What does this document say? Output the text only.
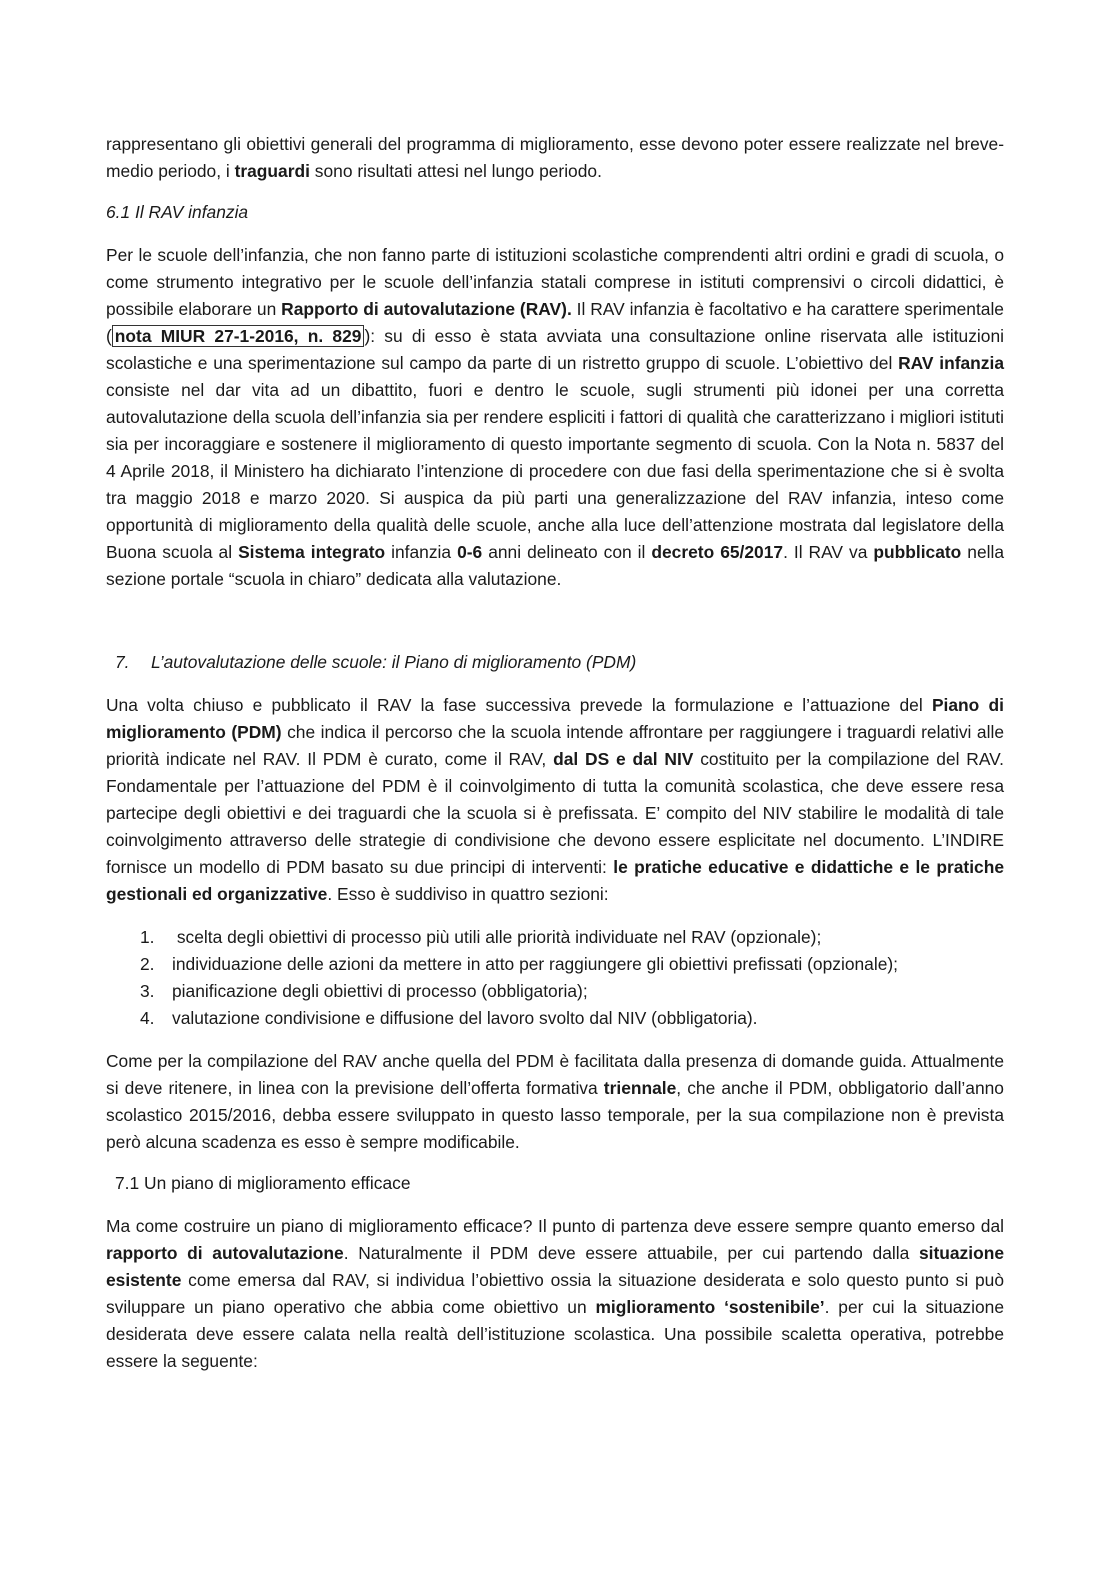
rappresentano gli obiettivi generali del programma di miglioramento, esse devono poter essere realizzate nel breve-medio periodo, i traguardi sono risultati attesi nel lungo periodo.

6.1 Il RAV infanzia

Per le scuole dell’infanzia, che non fanno parte di istituzioni scolastiche comprendenti altri ordini e gradi di scuola, o come strumento integrativo per le scuole dell’infanzia statali comprese in istituti comprensivi o circoli didattici, è possibile elaborare un Rapporto di autovalutazione (RAV). Il RAV infanzia è facoltativo e ha carattere sperimentale ( nota MIUR 27-1-2016, n. 829 ): su di esso è stata avviata una consultazione online riservata alle istituzioni scolastiche e una sperimentazione sul campo da parte di un ristretto gruppo di scuole. L’obiettivo del RAV infanzia consiste nel dar vita ad un dibattito, fuori e dentro le scuole, sugli strumenti più idonei per una corretta autovalutazione della scuola dell’infanzia sia per rendere espliciti i fattori di qualità che caratterizzano i migliori istituti sia per incoraggiare e sostenere il miglioramento di questo importante segmento di scuola. Con la Nota n. 5837 del 4 Aprile 2018, il Ministero ha dichiarato l’intenzione di procedere con due fasi della sperimentazione che si è svolta tra maggio 2018 e marzo 2020. Si auspica da più parti una generalizzazione del RAV infanzia, inteso come opportunità di miglioramento della qualità delle scuole, anche alla luce dell’attenzione mostrata dal legislatore della Buona scuola al Sistema integrato infanzia 0-6 anni delineato con il decreto 65/2017. Il RAV va pubblicato nella sezione portale “scuola in chiaro” dedicata alla valutazione.

7. L’autovalutazione delle scuole: il Piano di miglioramento (PDM)

Una volta chiuso e pubblicato il RAV la fase successiva prevede la formulazione e l’attuazione del Piano di miglioramento (PDM) che indica il percorso che la scuola intende affrontare per raggiungere i traguardi relativi alle priorità indicate nel RAV. Il PDM è curato, come il RAV, dal DS e dal NIV costituito per la compilazione del RAV. Fondamentale per l’attuazione del PDM è il coinvolgimento di tutta la comunità scolastica, che deve essere resa partecipe degli obiettivi e dei traguardi che la scuola si è prefissata. E’ compito del NIV stabilire le modalità di tale coinvolgimento attraverso delle strategie di condivisione che devono essere esplicitate nel documento. L’INDIRE fornisce un modello di PDM basato su due principi di interventi: le pratiche educative e didattiche e le pratiche gestionali ed organizzative. Esso è suddiviso in quattro sezioni:

1. scelta degli obiettivi di processo più utili alle priorità individuate nel RAV (opzionale);
2. individuazione delle azioni da mettere in atto per raggiungere gli obiettivi prefissati (opzionale);
3. pianificazione degli obiettivi di processo (obbligatoria);
4. valutazione condivisione e diffusione del lavoro svolto dal NIV (obbligatoria).

Come per la compilazione del RAV anche quella del PDM è facilitata dalla presenza di domande guida. Attualmente si deve ritenere, in linea con la previsione dell’offerta formativa triennale, che anche il PDM, obbligatorio dall’anno scolastico 2015/2016, debba essere sviluppato in questo lasso temporale, per la sua compilazione non è prevista però alcuna scadenza es esso è sempre modificabile.

7.1 Un piano di miglioramento efficace

Ma come costruire un piano di miglioramento efficace? Il punto di partenza deve essere sempre quanto emerso dal rapporto di autovalutazione. Naturalmente il PDM deve essere attuabile, per cui partendo dalla situazione esistente come emersa dal RAV, si individua l’obiettivo ossia la situazione desiderata e solo questo punto si può sviluppare un piano operativo che abbia come obiettivo un miglioramento ‘sostenibile’. per cui la situazione desiderata deve essere calata nella realtà dell’istituzione scolastica. Una possibile scaletta operativa, potrebbe essere la seguente:
